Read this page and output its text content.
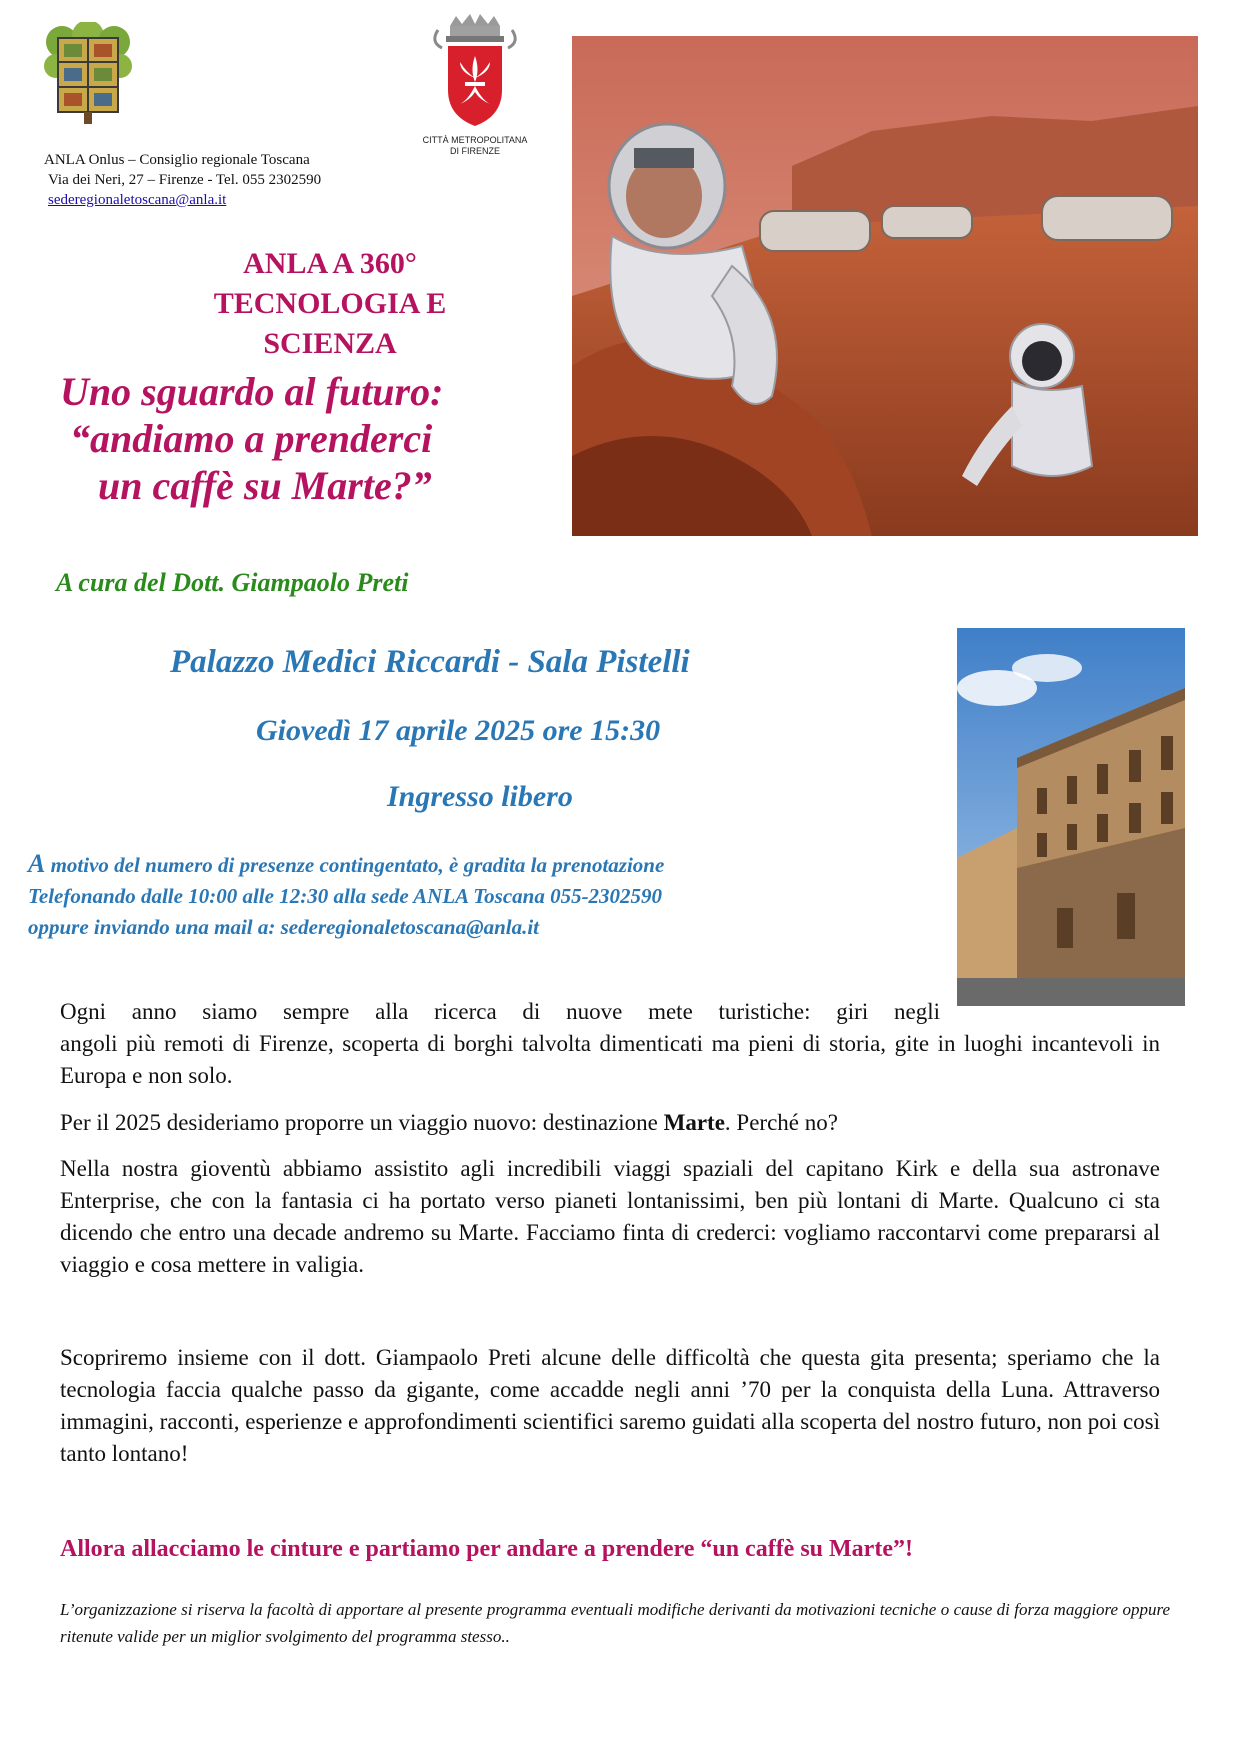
CITTÀ METROPOLITANA
DI FIRENZE
ANLA Onlus – Consiglio regionale Toscana
Via dei Neri, 27 – Firenze - Tel. 055 2302590
sederegionaletoscana@anla.it
ANLA A 360°
TECNOLOGIA E SCIENZA
Uno sguardo al futuro:
“andiamo a prenderci
un caffè su Marte?”
A cura del Dott. Giampaolo Preti
Palazzo Medici Riccardi - Sala Pistelli
Giovedì 17 aprile 2025 ore 15:30
Ingresso libero
A motivo del numero di presenze contingentato, è gradita la prenotazione
Telefonando dalle 10:00 alle 12:30 alla sede ANLA Toscana 055-2302590
oppure inviando una mail a: sederegionaletoscana@anla.it
Ogni anno siamo sempre alla ricerca di nuove mete turistiche: giri negli
angoli più remoti di Firenze, scoperta di borghi talvolta dimenticati ma pieni di storia, gite in luoghi incantevoli in Europa e non solo.
Per il 2025 desideriamo proporre un viaggio nuovo: destinazione Marte. Perché no?
Nella nostra gioventù abbiamo assistito agli incredibili viaggi spaziali del capitano Kirk e della sua astronave Enterprise, che con la fantasia ci ha portato verso pianeti lontanissimi, ben più lontani di Marte. Qualcuno ci sta dicendo che entro una decade andremo su Marte. Facciamo finta di crederci: vogliamo raccontarvi come prepararsi al viaggio e cosa mettere in valigia.
Scopriremo insieme con il dott. Giampaolo Preti alcune delle difficoltà che questa gita presenta; speriamo che la tecnologia faccia qualche passo da gigante, come accadde negli anni ’70 per la conquista della Luna. Attraverso immagini, racconti, esperienze e approfondimenti scientifici saremo guidati alla scoperta del nostro futuro, non poi così tanto lontano!
Allora allacciamo le cinture e partiamo per andare a prendere “un caffè su Marte”!
L’organizzazione si riserva la facoltà di apportare al presente programma eventuali modifiche derivanti da motivazioni tecniche o cause di forza maggiore oppure ritenute valide per un miglior svolgimento del programma stesso..
